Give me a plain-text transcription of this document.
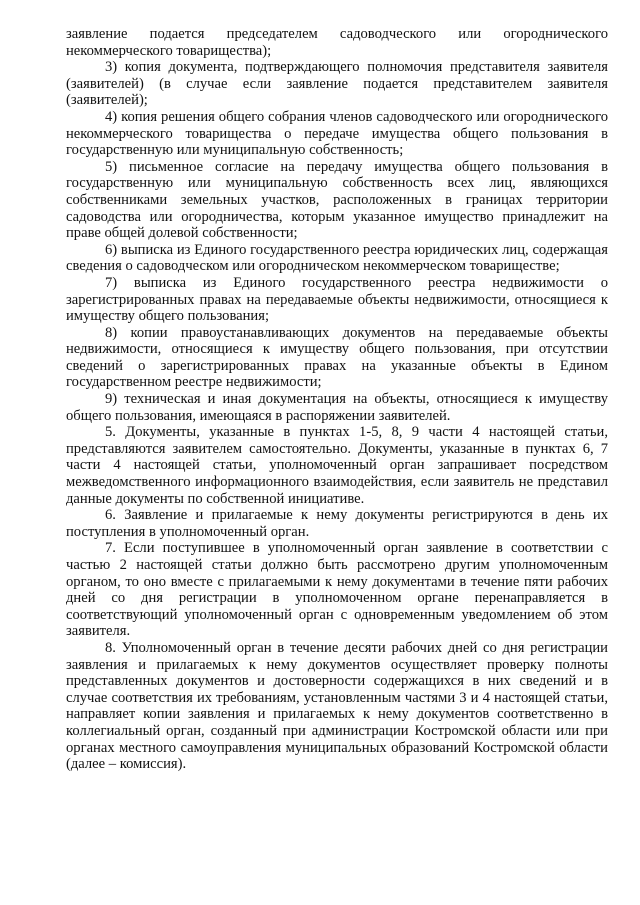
заявление подается председателем садоводческого или огороднического некоммерческого товарищества);

3) копия документа, подтверждающего полномочия представителя заявителя (заявителей) (в случае если заявление подается представителем заявителя (заявителей);

4) копия решения общего собрания членов садоводческого или огороднического некоммерческого товарищества о передаче имущества общего пользования в государственную или муниципальную собственность;

5) письменное согласие на передачу имущества общего пользования в государственную или муниципальную собственность всех лиц, являющихся собственниками земельных участков, расположенных в границах территории садоводства или огородничества, которым указанное имущество принадлежит на праве общей долевой собственности;

6) выписка из Единого государственного реестра юридических лиц, содержащая сведения о садоводческом или огородническом некоммерческом товариществе;

7) выписка из Единого государственного реестра недвижимости о зарегистрированных правах на передаваемые объекты недвижимости, относящиеся к имуществу общего пользования;

8) копии правоустанавливающих документов на передаваемые объекты недвижимости, относящиеся к имуществу общего пользования, при отсутствии сведений о зарегистрированных правах на указанные объекты в Едином государственном реестре недвижимости;

9) техническая и иная документация на объекты, относящиеся к имуществу общего пользования, имеющаяся в распоряжении заявителей.

5. Документы, указанные в пунктах 1-5, 8, 9 части 4 настоящей статьи, представляются заявителем самостоятельно. Документы, указанные в пунктах 6, 7 части 4 настоящей статьи, уполномоченный орган запрашивает посредством межведомственного информационного взаимодействия, если заявитель не представил данные документы по собственной инициативе.

6. Заявление и прилагаемые к нему документы регистрируются в день их поступления в уполномоченный орган.

7. Если поступившее в уполномоченный орган заявление в соответствии с частью 2 настоящей статьи должно быть рассмотрено другим уполномоченным органом, то оно вместе с прилагаемыми к нему документами в течение пяти рабочих дней со дня регистрации в уполномоченном органе перенаправляется в соответствующий уполномоченный орган с одновременным уведомлением об этом заявителя.

8. Уполномоченный орган в течение десяти рабочих дней со дня регистрации заявления и прилагаемых к нему документов осуществляет проверку полноты представленных документов и достоверности содержащихся в них сведений и в случае соответствия их требованиям, установленным частями 3 и 4 настоящей статьи, направляет копии заявления и прилагаемых к нему документов соответственно в коллегиальный орган, созданный при администрации Костромской области или при органах местного самоуправления муниципальных образований Костромской области (далее – комиссия).
